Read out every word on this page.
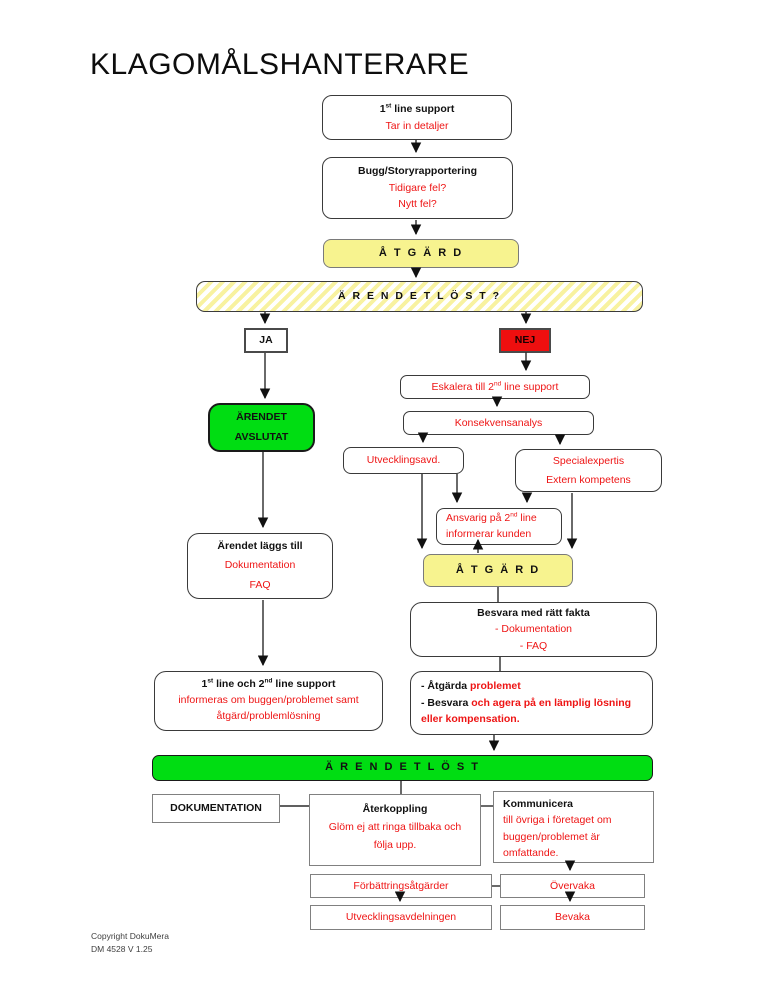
KLAGOMÅLSHANTERARE
1st line support
Tar in detaljer
Bugg/Storyrapportering
Tidigare fel?
Nytt fel?
Å T G Ä R D
Ä R E N D E T L Ö S T ?
JA	NEJ
ÄRENDET
AVSLUTAT
Eskalera till 2nd line support
Konsekvensanalys
Utvecklingsavd.	Specialexpertis
Extern kompetens
Ansvarig på 2nd line
informerar kunden
Å T G Ä R D
Ärendet läggs till
Dokumentation
FAQ
Besvara med rätt fakta
- Dokumentation
- FAQ
1st line och 2nd line support
informeras om buggen/problemet samt
åtgärd/problemlösning
- Åtgärda problemet
- Besvara och agera på en lämplig lösning eller kompensation.
Ä R E N D E T L Ö S T
DOKUMENTATION	Återkoppling
Glöm ej att ringa tillbaka och
följa upp.
Kommunicera
till övriga i företaget om
buggen/problemet är
omfattande.
Förbättringsåtgärder	Övervaka
Utvecklingsavdelningen	Bevaka
Copyright DokuMera
DM 4528 V 1.25
